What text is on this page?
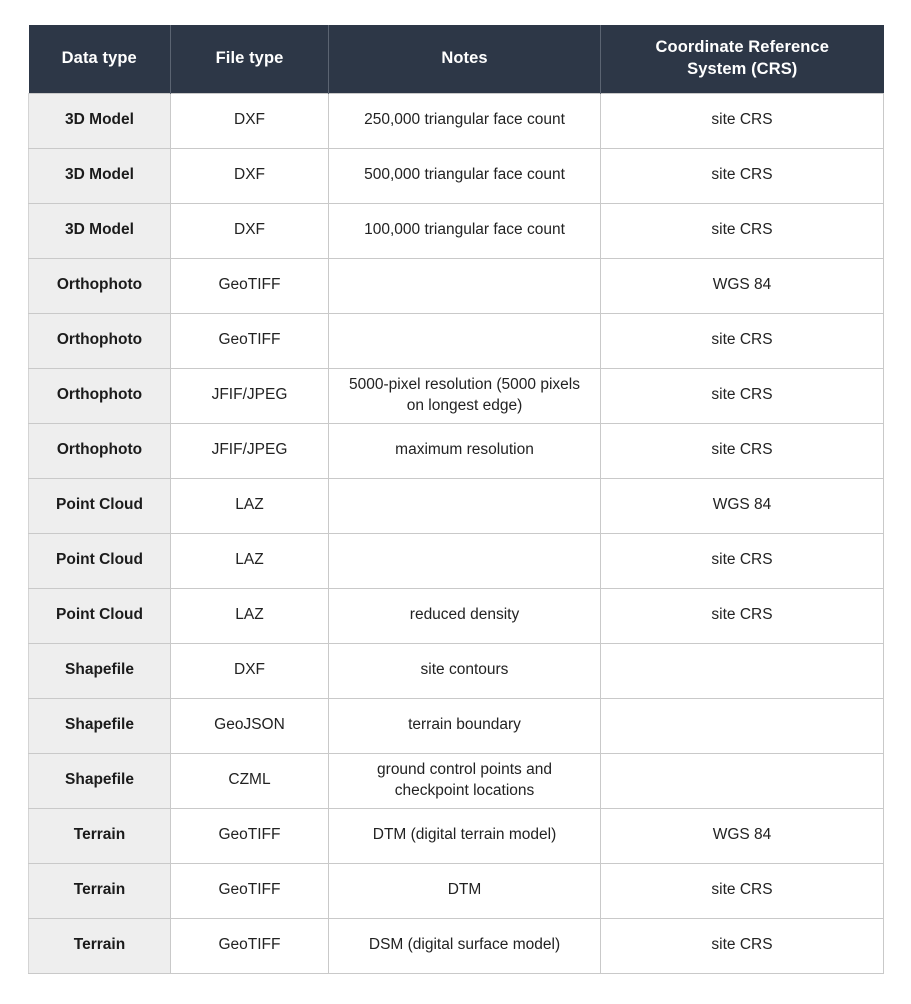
Data type	File type	Notes	Coordinate Reference
System (CRS)
3D Model	DXF	250,000 triangular face count	site CRS
3D Model	DXF	500,000 triangular face count	site CRS
3D Model	DXF	100,000 triangular face count	site CRS
Orthophoto	GeoTIFF		WGS 84
Orthophoto	GeoTIFF		site CRS
Orthophoto	JFIF/JPEG	5000-pixel resolution (5000 pixels on longest edge)	site CRS
Orthophoto	JFIF/JPEG	maximum resolution	site CRS
Point Cloud	LAZ		WGS 84
Point Cloud	LAZ		site CRS
Point Cloud	LAZ	reduced density	site CRS
Shapefile	DXF	site contours	
Shapefile	GeoJSON	terrain boundary	
Shapefile	CZML	ground control points and checkpoint locations	
Terrain	GeoTIFF	DTM (digital terrain model)	WGS 84
Terrain	GeoTIFF	DTM	site CRS
Terrain	GeoTIFF	DSM (digital surface model)	site CRS
